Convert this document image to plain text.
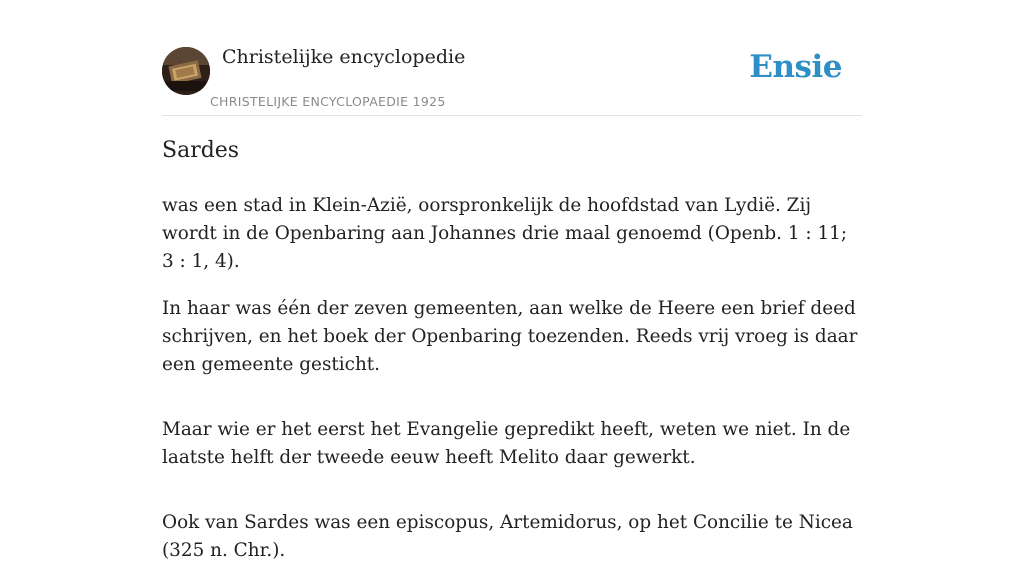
Christelijke encyclopedie
CHRISTELIJKE ENCYCLOPAEDIE 1925
Ensie
Sardes

was een stad in Klein-Azië, oorspronkelijk de hoofdstad van Lydië. Zij wordt in de Openbaring aan Johannes drie maal genoemd (Openb. 1 : 11; 3 : 1, 4).

In haar was één der zeven gemeenten, aan welke de Heere een brief deed schrijven, en het boek der Openbaring toezenden. Reeds vrij vroeg is daar een gemeente gesticht.

Maar wie er het eerst het Evangelie gepredikt heeft, weten we niet. In de laatste helft der tweede eeuw heeft Melito daar gewerkt.

Ook van Sardes was een episcopus, Artemidorus, op het Concilie te Nicea (325 n. Chr.).
